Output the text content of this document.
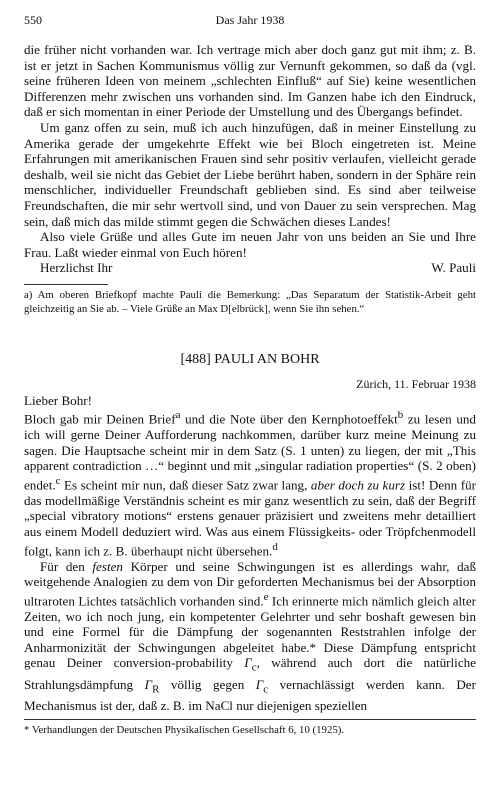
550	Das Jahr 1938

die früher nicht vorhanden war. Ich vertrage mich aber doch ganz gut mit ihm; z. B. ist er jetzt in Sachen Kommunismus völlig zur Vernunft gekommen, so daß da (vgl. seine früheren Ideen von meinem „schlechten Einfluß“ auf Sie) keine wesentlichen Differenzen mehr zwischen uns vorhanden sind. Im Ganzen habe ich den Eindruck, daß er sich momentan in einer Periode der Umstellung und des Übergangs befindet.

Um ganz offen zu sein, muß ich auch hinzufügen, daß in meiner Einstellung zu Amerika gerade der umgekehrte Effekt wie bei Bloch eingetreten ist. Meine Erfahrungen mit amerikanischen Frauen sind sehr positiv verlaufen, vielleicht gerade deshalb, weil sie nicht das Gebiet der Liebe berührt haben, sondern in der Sphäre rein menschlicher, individueller Freundschaft geblieben sind. Es sind aber teilweise Freundschaften, die mir sehr wertvoll sind, und von Dauer zu sein versprechen. Mag sein, daß mich das milde stimmt gegen die Schwächen dieses Landes!

Also viele Grüße und alles Gute im neuen Jahr von uns beiden an Sie und Ihre Frau. Laßt wieder einmal von Euch hören!

Herzlichst Ihr	W. Pauli

a) Am oberen Briefkopf machte Pauli die Bemerkung: „Das Separatum der Statistik-Arbeit geht gleichzeitig an Sie ab. – Viele Grüße an Max D[elbrück], wenn Sie ihn sehen.“

[488] PAULI AN BOHR

Zürich, 11. Februar 1938

Lieber Bohr!

Bloch gab mir Deinen Brief$^a$ und die Note über den Kernphotoeffekt$^b$ zu lesen und ich will gerne Deiner Aufforderung nachkommen, darüber kurz meine Meinung zu sagen. Die Hauptsache scheint mir in dem Satz (S. 1 unten) zu liegen, der mit „This apparent contradiction …“ beginnt und mit „singular radiation properties“ (S. 2 oben) endet.$^c$ Es scheint mir nun, daß dieser Satz zwar lang, aber doch zu kurz ist! Denn für das modellmäßige Verständnis scheint es mir ganz wesentlich zu sein, daß der Begriff „special vibratory motions“ erstens genauer präzisiert und zweitens mehr detailliert aus einem Modell deduziert wird. Was aus einem Flüssigkeits- oder Tröpfchenmodell folgt, kann ich z. B. überhaupt nicht übersehen.$^d$

Für den festen Körper und seine Schwingungen ist es allerdings wahr, daß weitgehende Analogien zu dem von Dir geforderten Mechanismus bei der Absorption ultraroten Lichtes tatsächlich vorhanden sind.$^e$ Ich erinnerte mich nämlich gleich alter Zeiten, wo ich noch jung, ein kompetenter Gelehrter und sehr boshaft gewesen bin und eine Formel für die Dämpfung der sogenannten Reststrahlen infolge der Anharmonizität der Schwingungen abgeleitet habe.* Diese Dämpfung entspricht genau Deiner conversion-probability $\Gamma_c$, während auch dort die natürliche Strahlungsdämpfung $\Gamma_R$ völlig gegen $\Gamma_c$ vernachlässigt werden kann. Der Mechanismus ist der, daß z. B. im NaCl nur diejenigen speziellen

* Verhandlungen der Deutschen Physikalischen Gesellschaft 6, 10 (1925).
